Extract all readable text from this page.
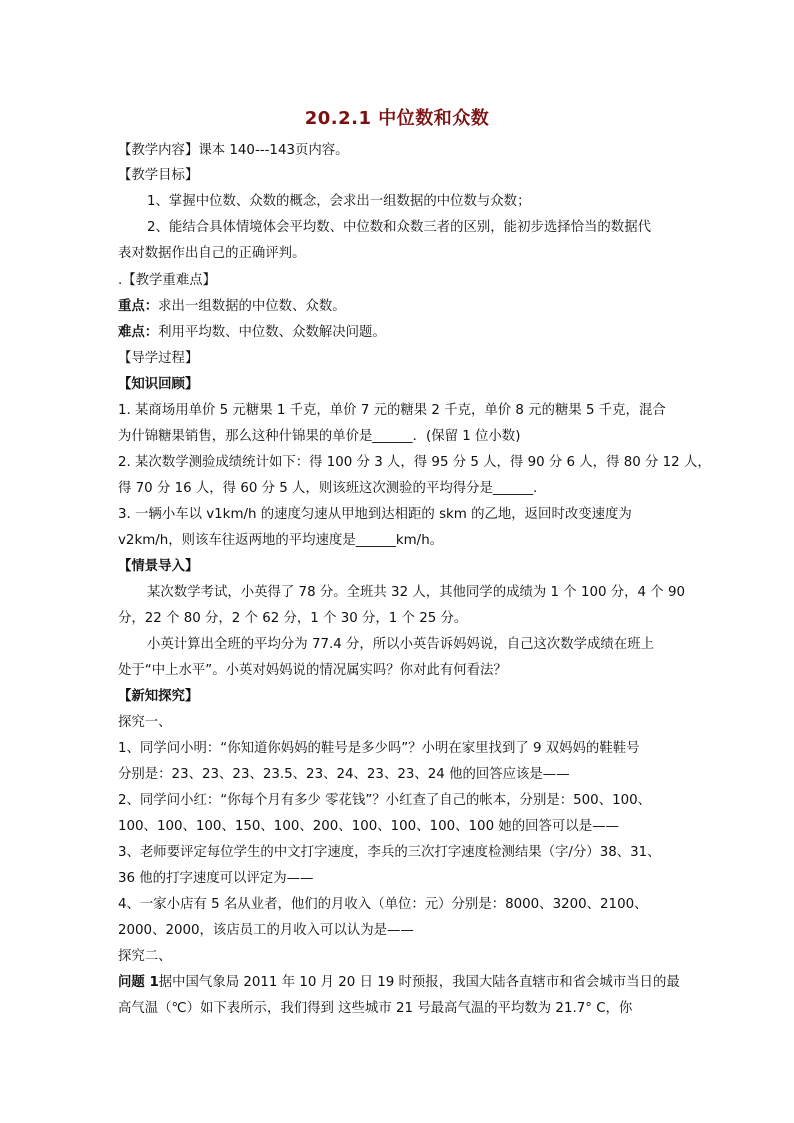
20.2.1 中位数和众数
【教学内容】课本 140---143页内容。
【教学目标】
1、掌握中位数、众数的概念，会求出一组数据的中位数与众数；
2、能结合具体情境体会平均数、中位数和众数三者的区别，能初步选择恰当的数据代
表对数据作出自己的正确评判。
.【教学重难点】
重点：求出一组数据的中位数、众数。
难点：利用平均数、中位数、众数解决问题。
【导学过程】
【知识回顾】
1. 某商场用单价 5 元糖果 1 千克，单价 7 元的糖果 2 千克，单价 8 元的糖果 5 千克，混合
为什锦糖果销售，那么这种什锦果的单价是______．(保留 1 位小数)
2. 某次数学测验成绩统计如下：得 100 分 3 人，得 95 分 5 人，得 90 分 6 人，得 80 分 12 人，
得 70 分 16 人，得 60 分 5 人，则该班这次测验的平均得分是______.
3. 一辆小车以 v1km/h 的速度匀速从甲地到达相距的 skm 的乙地，返回时改变速度为
v2km/h，则该车往返两地的平均速度是______km/h。
【情景导入】
某次数学考试，小英得了 78 分。全班共 32 人，其他同学的成绩为 1 个 100 分，4 个 90
分，22 个 80 分，2 个 62 分，1 个 30 分，1 个 25 分。
小英计算出全班的平均分为 77.4 分，所以小英告诉妈妈说，自己这次数学成绩在班上
处于“中上水平”。小英对妈妈说的情况属实吗？你对此有何看法？
【新知探究】
探究一、
1、同学问小明：“你知道你妈妈的鞋号是多少吗”？小明在家里找到了 9 双妈妈的鞋鞋号
分别是：23、23、23、23.5、23、24、23、23、24 他的回答应该是——
2、同学问小红：“你每个月有多少 零花钱”？小红查了自己的帐本，分别是：500、100、
100、100、100、150、100、200、100、100、100、100 她的回答可以是——
3、老师要评定每位学生的中文打字速度，李兵的三次打字速度检测结果（字/分）38、31、
36 他的打字速度可以评定为——
4、一家小店有 5 名从业者，他们的月收入（单位：元）分别是：8000、3200、2100、
2000、2000，该店员工的月收入可以认为是——
探究二、
问题 1据中国气象局 2011 年 10 月 20 日 19 时预报，我国大陆各直辖市和省会城市当日的最
高气温（℃）如下表所示，我们得到 这些城市 21 号最高气温的平均数为 21.7° C，你
